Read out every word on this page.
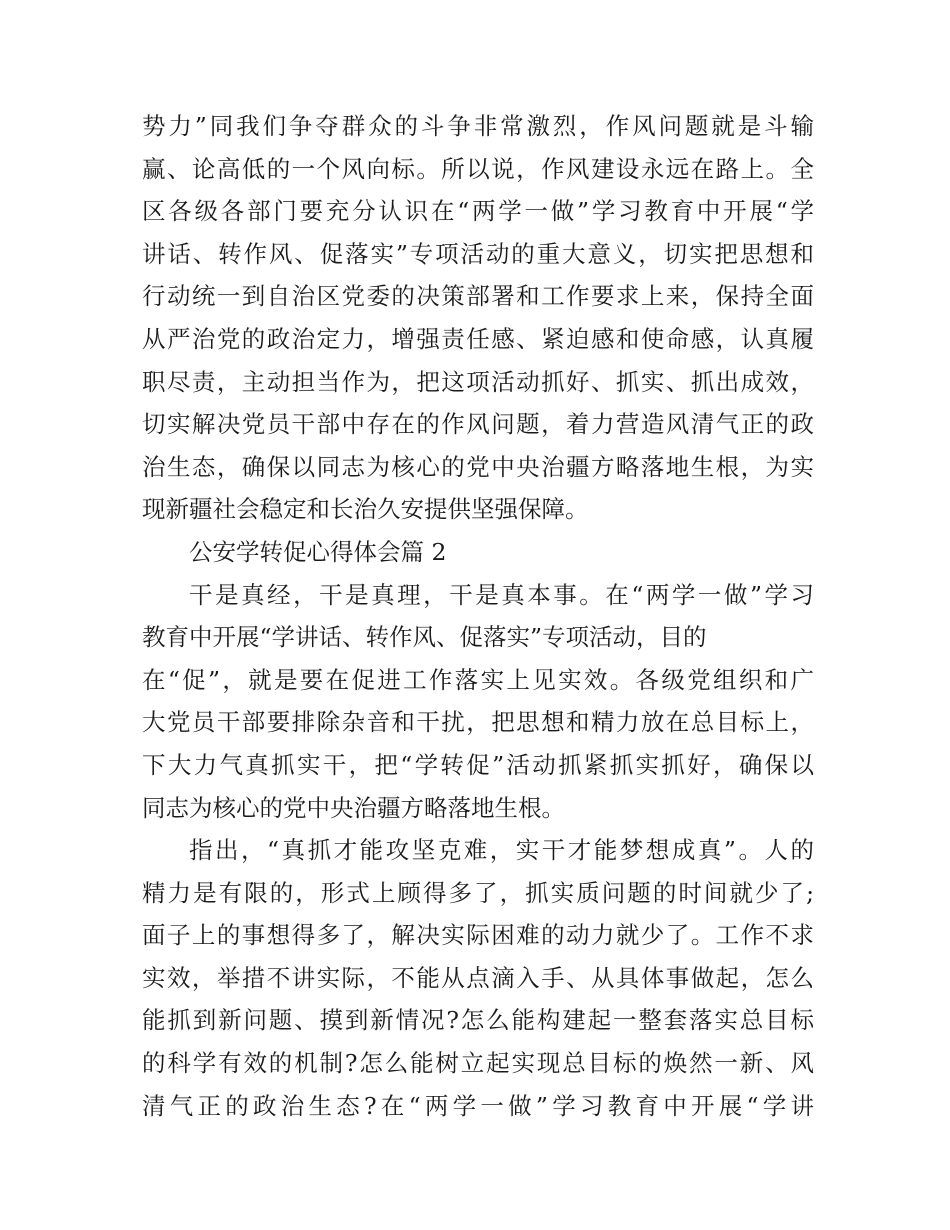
势力”同我们争夺群众的斗争非常激烈，作风问题就是斗输
赢、论高低的一个风向标。所以说，作风建设永远在路上。全
区各级各部门要充分认识在“两学一做”学习教育中开展“学
讲话、转作风、促落实”专项活动的重大意义，切实把思想和
行动统一到自治区党委的决策部署和工作要求上来，保持全面
从严治党的政治定力，增强责任感、紧迫感和使命感，认真履
职尽责，主动担当作为，把这项活动抓好、抓实、抓出成效，
切实解决党员干部中存在的作风问题，着力营造风清气正的政
治生态，确保以同志为核心的党中央治疆方略落地生根，为实
现新疆社会稳定和长治久安提供坚强保障。
公安学转促心得体会篇 2
干是真经，干是真理，干是真本事。在“两学一做”学习
教育中开展“学讲话、转作风、促落实”专项活动，目的
在“促”，就是要在促进工作落实上见实效。各级党组织和广
大党员干部要排除杂音和干扰，把思想和精力放在总目标上，
下大力气真抓实干，把“学转促”活动抓紧抓实抓好，确保以
同志为核心的党中央治疆方略落地生根。
指出，“真抓才能攻坚克难，实干才能梦想成真”。人的
精力是有限的，形式上顾得多了，抓实质问题的时间就少了;
面子上的事想得多了，解决实际困难的动力就少了。工作不求
实效，举措不讲实际，不能从点滴入手、从具体事做起，怎么
能抓到新问题、摸到新情况?怎么能构建起一整套落实总目标
的科学有效的机制?怎么能树立起实现总目标的焕然一新、风
清气正的政治生态?在“两学一做”学习教育中开展“学讲
